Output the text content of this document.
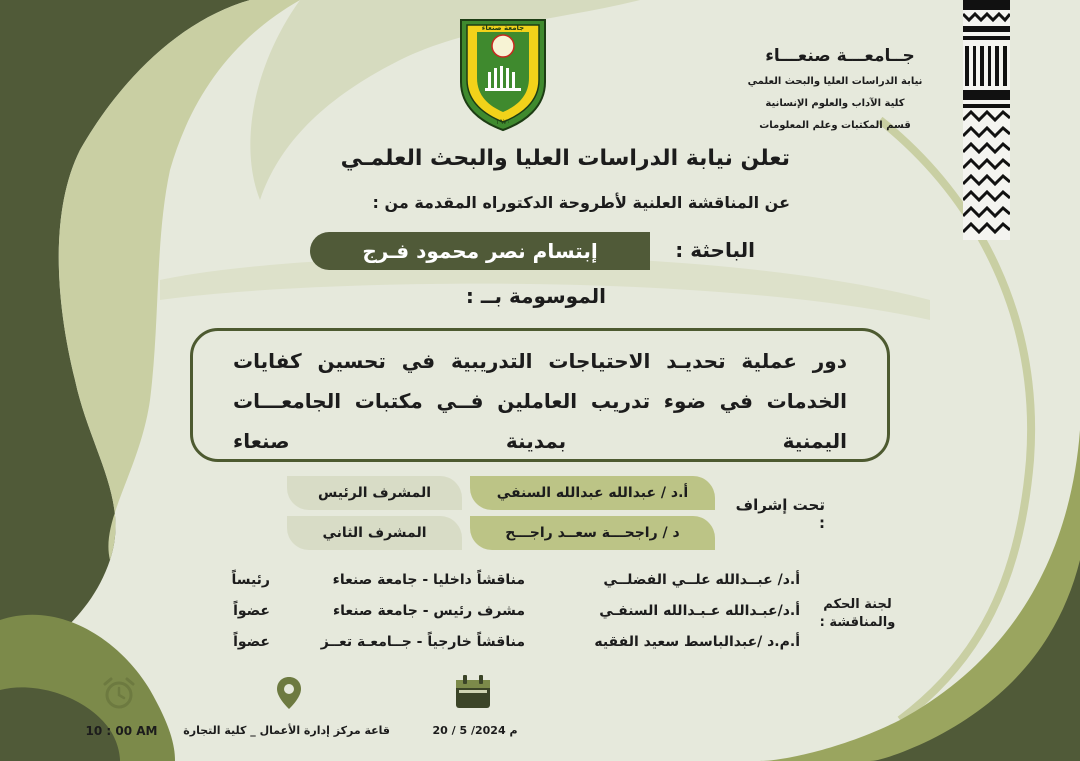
١٩٧٠
جامعة صنعاء
جــامعـــة صنعـــاء
نيابة الدراسات العليا والبحث العلمي
كلية الآداب والعلوم الإنسانية
قسم المكتبات وعلم المعلومات
تعلن نيابة الدراسات العليا والبحث العلمـي
عن المناقشة العلنية لأطروحة الدكتوراه المقدمة من :
الباحثة :
إبتسام نصر محمود فـرج
الموسومة بــ :
دور عملية تحديـد الاحتياجات التدريبية في تحسين كفايات الخدمات في ضوء تدريب العاملين فــي مكتبات الجامعـــات اليمنية بمدينة صنعاء
تحت إشراف :
أ.د / عبدالله عبدالله السنفي
المشرف الرئيس
د / راجحـــة سعــد راجـــح
المشرف الثاني
لجنة الحكم
والمناقشة :
أ.د/ عبــدالله علــي الفضلــي
مناقشاً داخليا - جامعة صنعاء
رئيساً
أ.د/عبـدالله عـبـدالله السنفـي
مشرف رئيس - جامعة صنعاء
عضواً
أ.م.د /عبدالباسط سعيد الفقيه
مناقشاً خارجياً - جــامعـة تعــز
عضواً
20 / 5 /2024 م
قاعة مركز إدارة الأعمال _ كلية التجارة
10 : 00 AM
